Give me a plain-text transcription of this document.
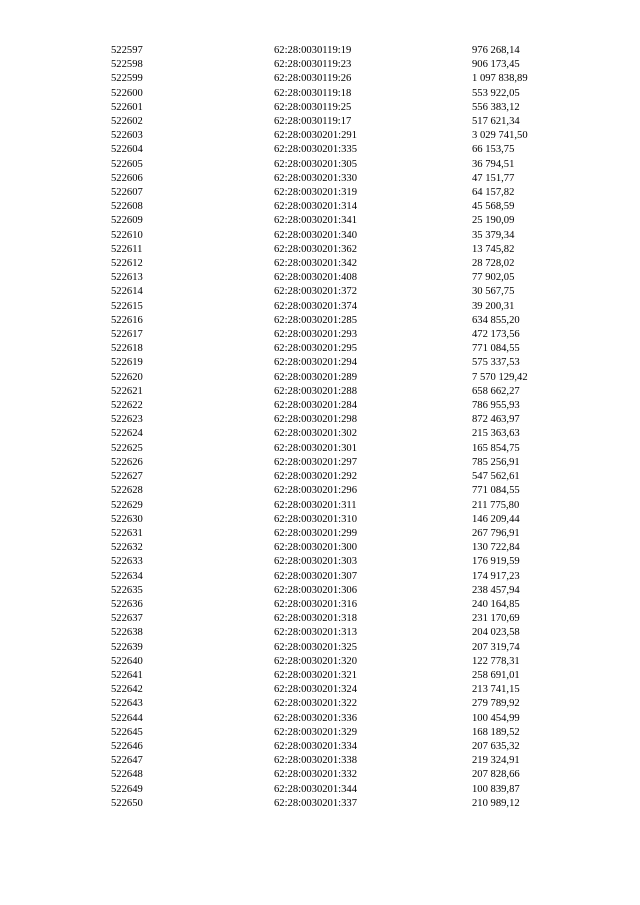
522597	62:28:0030119:19	976 268,14
522598	62:28:0030119:23	906 173,45
522599	62:28:0030119:26	1 097 838,89
522600	62:28:0030119:18	553 922,05
522601	62:28:0030119:25	556 383,12
522602	62:28:0030119:17	517 621,34
522603	62:28:0030201:291	3 029 741,50
522604	62:28:0030201:335	66 153,75
522605	62:28:0030201:305	36 794,51
522606	62:28:0030201:330	47 151,77
522607	62:28:0030201:319	64 157,82
522608	62:28:0030201:314	45 568,59
522609	62:28:0030201:341	25 190,09
522610	62:28:0030201:340	35 379,34
522611	62:28:0030201:362	13 745,82
522612	62:28:0030201:342	28 728,02
522613	62:28:0030201:408	77 902,05
522614	62:28:0030201:372	30 567,75
522615	62:28:0030201:374	39 200,31
522616	62:28:0030201:285	634 855,20
522617	62:28:0030201:293	472 173,56
522618	62:28:0030201:295	771 084,55
522619	62:28:0030201:294	575 337,53
522620	62:28:0030201:289	7 570 129,42
522621	62:28:0030201:288	658 662,27
522622	62:28:0030201:284	786 955,93
522623	62:28:0030201:298	872 463,97
522624	62:28:0030201:302	215 363,63
522625	62:28:0030201:301	165 854,75
522626	62:28:0030201:297	785 256,91
522627	62:28:0030201:292	547 562,61
522628	62:28:0030201:296	771 084,55
522629	62:28:0030201:311	211 775,80
522630	62:28:0030201:310	146 209,44
522631	62:28:0030201:299	267 796,91
522632	62:28:0030201:300	130 722,84
522633	62:28:0030201:303	176 919,59
522634	62:28:0030201:307	174 917,23
522635	62:28:0030201:306	238 457,94
522636	62:28:0030201:316	240 164,85
522637	62:28:0030201:318	231 170,69
522638	62:28:0030201:313	204 023,58
522639	62:28:0030201:325	207 319,74
522640	62:28:0030201:320	122 778,31
522641	62:28:0030201:321	258 691,01
522642	62:28:0030201:324	213 741,15
522643	62:28:0030201:322	279 789,92
522644	62:28:0030201:336	100 454,99
522645	62:28:0030201:329	168 189,52
522646	62:28:0030201:334	207 635,32
522647	62:28:0030201:338	219 324,91
522648	62:28:0030201:332	207 828,66
522649	62:28:0030201:344	100 839,87
522650	62:28:0030201:337	210 989,12
